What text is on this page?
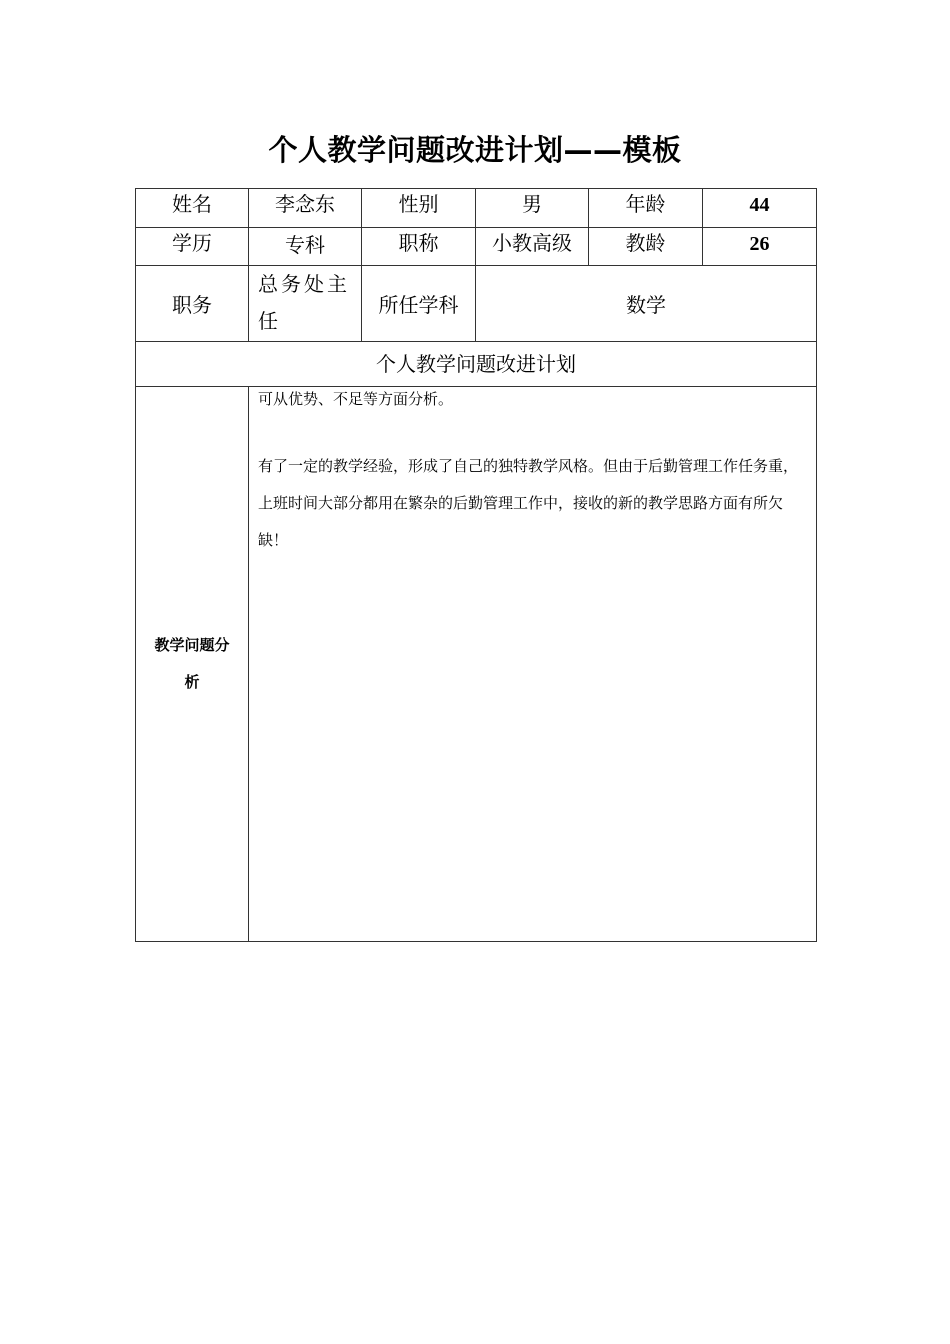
个人教学问题改进计划——模板
姓名	李念东	性别	男	年龄	44

学历	专科	职称	小教高级	教龄	26

职务	总务处主任	所任学科	数学		
个人教学问题改进计划					
教学问题分析	可从优势、不足等方面分析。

有了一定的教学经验，形成了自己的独特教学风格。但由于后勤管理工作任务重，上班时间大部分都用在繁杂的后勤管理工作中，接收的新的教学思路方面有所欠缺！				
